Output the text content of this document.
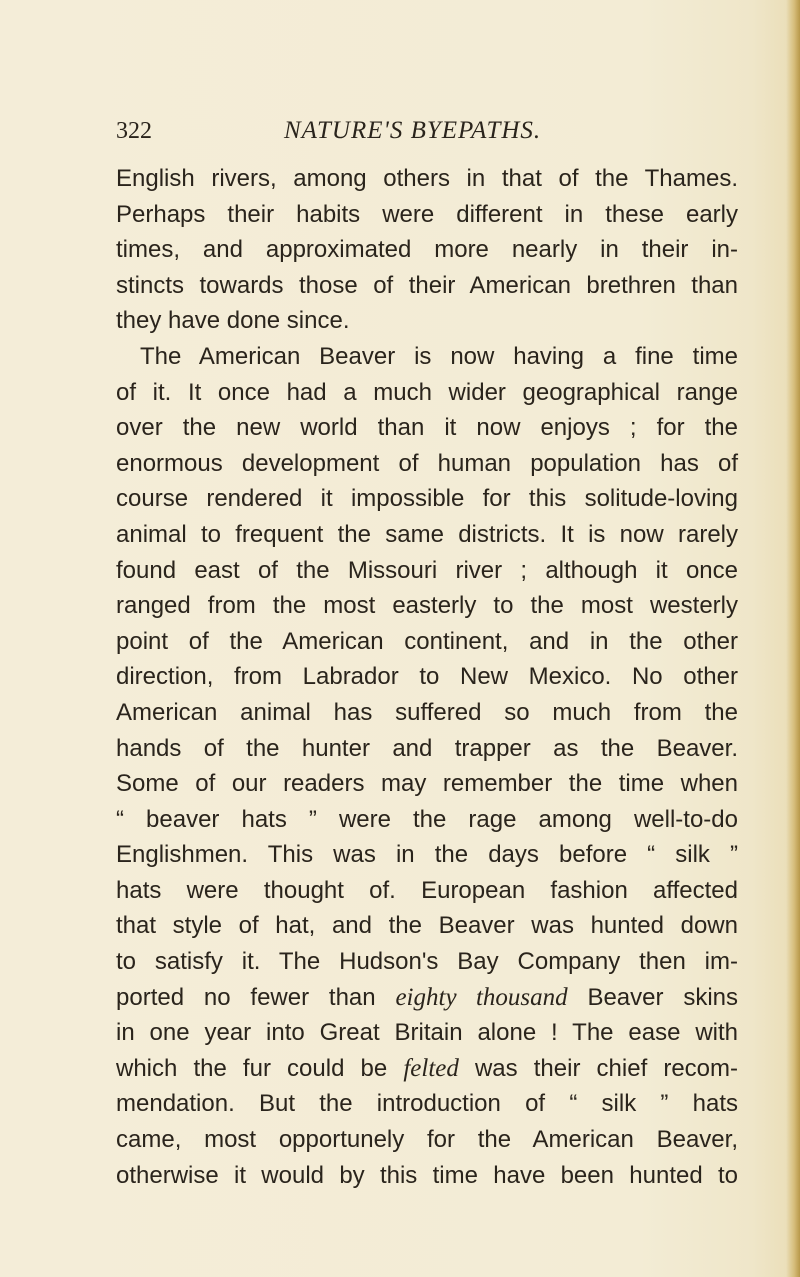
322	NATURE'S BYEPATHS.
English rivers, among others in that of the Thames.
Perhaps their habits were different in these early
times, and approximated more nearly in their in-
stincts towards those of their American brethren than
they have done since.
The American Beaver is now having a fine time
of it. It once had a much wider geographical range
over the new world than it now enjoys ; for the
enormous development of human population has of
course rendered it impossible for this solitude-loving
animal to frequent the same districts. It is now rarely
found east of the Missouri river ; although it once
ranged from the most easterly to the most westerly
point of the American continent, and in the other
direction, from Labrador to New Mexico. No other
American animal has suffered so much from the
hands of the hunter and trapper as the Beaver.
Some of our readers may remember the time when
“ beaver hats ” were the rage among well-to-do
Englishmen. This was in the days before “ silk ”
hats were thought of. European fashion affected
that style of hat, and the Beaver was hunted down
to satisfy it. The Hudson's Bay Company then im-
ported no fewer than eighty thousand Beaver skins
in one year into Great Britain alone ! The ease with
which the fur could be felted was their chief recom-
mendation. But the introduction of “ silk ” hats
came, most opportunely for the American Beaver,
otherwise it would by this time have been hunted to
